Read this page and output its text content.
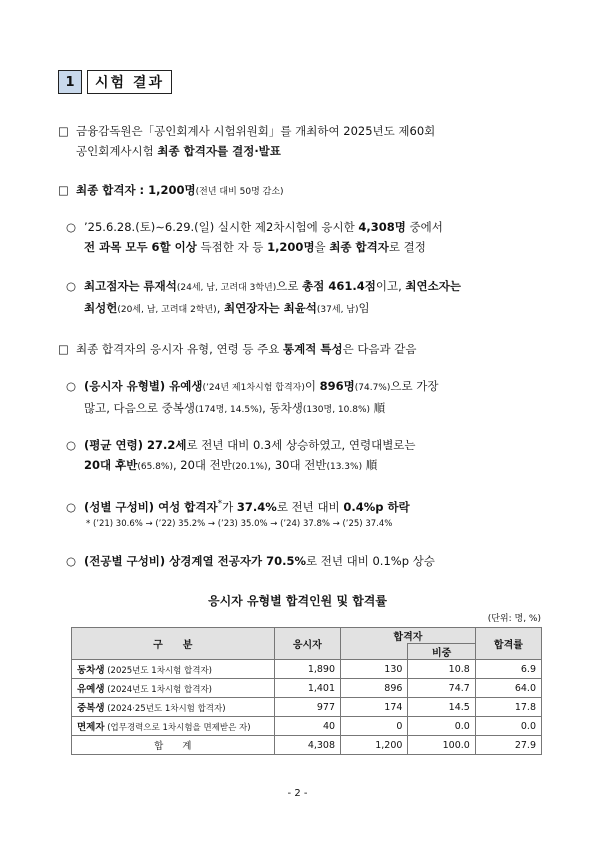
1	시험 결과
□ 금융감독원은「공인회계사 시험위원회」를 개최하여 2025년도 제60회
공인회계사시험 최종 합격자를 결정·발표
□ 최종 합격자 : 1,200명(전년 대비 50명 감소)
○ ’25.6.28.(토)∼6.29.(일) 실시한 제2차시험에 응시한 4,308명 중에서
전 과목 모두 6할 이상 득점한 자 등 1,200명을 최종 합격자로 결정
○ 최고점자는 류재석(24세, 남, 고려대 3학년)으로 총점 461.4점이고, 최연소자는
최성헌(20세, 남, 고려대 2학년), 최연장자는 최윤석(37세, 남)임
□ 최종 합격자의 응시자 유형, 연령 등 주요 통계적 특성은 다음과 같음
○ (응시자 유형별) 유예생(’24년 제1차시험 합격자)이 896명(74.7%)으로 가장
많고, 다음으로 중복생(174명, 14.5%), 동차생(130명, 10.8%) 順
○ (평균 연령) 27.2세로 전년 대비 0.3세 상승하였고, 연령대별로는
20대 후반(65.8%), 20대 전반(20.1%), 30대 전반(13.3%) 順
○ (성별 구성비) 여성 합격자*가 37.4%로 전년 대비 0.4%p 하락
* (’21) 30.6% → (’22) 35.2% → (’23) 35.0% → (’24) 37.8% → (’25) 37.4%
○ (전공별 구성비) 상경계열 전공자가 70.5%로 전년 대비 0.1%p 상승
응시자 유형별 합격인원 및 합격률
(단위: 명, %)
구　　분	응시자	합격자		합격률
			비중	
동차생 (2025년도 1차시험 합격자)	1,890	130	10.8	6.9
유예생 (2024년도 1차시험 합격자)	1,401	896	74.7	64.0
중복생 (2024·25년도 1차시험 합격자)	977	174	14.5	17.8
면제자 (업무경력으로 1차시험을 면제받은 자)	40	0	0.0	0.0
합　　계	4,308	1,200	100.0	27.9
- 2 -
